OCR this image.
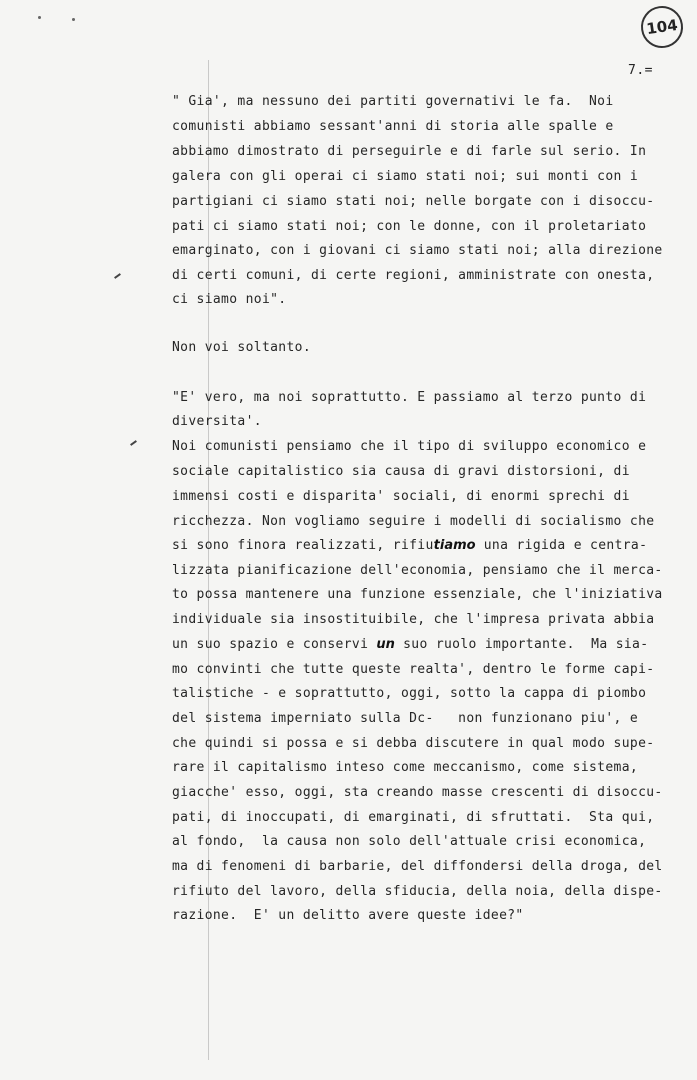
104
7.=
" Gia', ma nessuno dei partiti governativi le fa.  Noi
comunisti abbiamo sessant'anni di storia alle spalle e
abbiamo dimostrato di perseguirle e di farle sul serio. In
galera con gli operai ci siamo stati noi; sui monti con i
partigiani ci siamo stati noi; nelle borgate con i disoccu-
pati ci siamo stati noi; con le donne, con il proletariato
emarginato, con i giovani ci siamo stati noi; alla direzione
di certi comuni, di certe regioni, amministrate con onesta,
ci siamo noi".
Non voi soltanto.
"E' vero, ma noi soprattutto. E passiamo al terzo punto di
diversita'.
Noi comunisti pensiamo che il tipo di sviluppo economico e
sociale capitalistico sia causa di gravi distorsioni, di
immensi costi e disparita' sociali, di enormi sprechi di
ricchezza. Non vogliamo seguire i modelli di socialismo che
si sono finora realizzati, rifiutiamo una rigida e centra-
lizzata pianificazione dell'economia, pensiamo che il merca-
to possa mantenere una funzione essenziale, che l'iniziativa
individuale sia insostituibile, che l'impresa privata abbia
un suo spazio e conservi un suo ruolo importante.  Ma sia-
mo convinti che tutte queste realta', dentro le forme capi-
talistiche - e soprattutto, oggi, sotto la cappa di piombo
del sistema imperniato sulla Dc-   non funzionano piu', e
che quindi si possa e si debba discutere in qual modo supe-
rare il capitalismo inteso come meccanismo, come sistema,
giacche' esso, oggi, sta creando masse crescenti di disoccu-
pati, di inoccupati, di emarginati, di sfruttati.  Sta qui,
al fondo,  la causa non solo dell'attuale crisi economica,
ma di fenomeni di barbarie, del diffondersi della droga, del
rifiuto del lavoro, della sfiducia, della noia, della dispe-
razione.  E' un delitto avere queste idee?"
